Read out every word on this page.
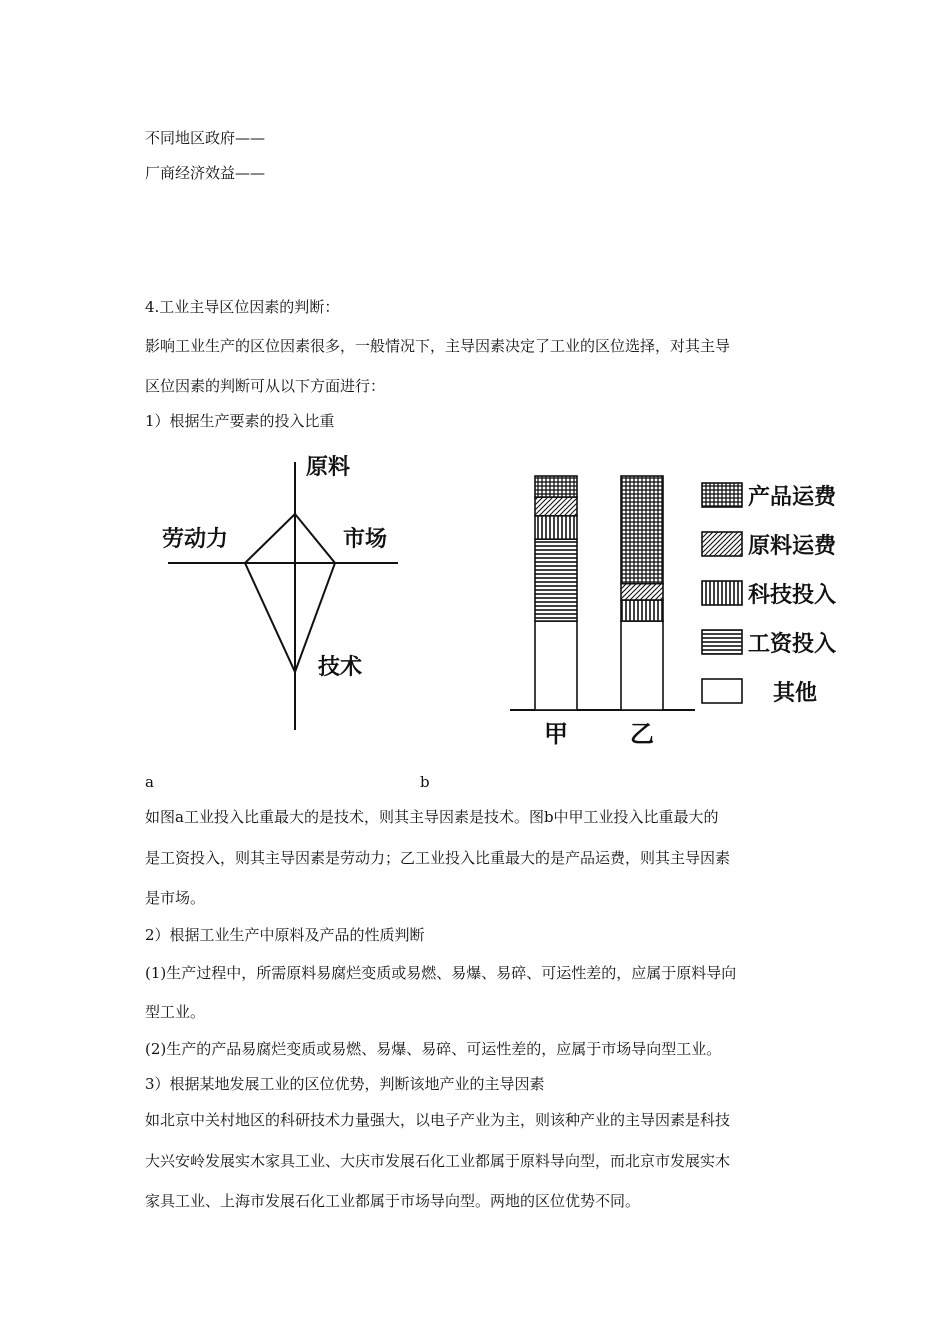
不同地区政府——
厂商经济效益——
4.工业主导区位因素的判断：
影响工业生产的区位因素很多，一般情况下，主导因素决定了工业的区位选择，对其主导
区位因素的判断可从以下方面进行：
1）根据生产要素的投入比重
原料
劳动力	市场
技术
产品运费
原料运费
科技投入
工资投入
其他
甲	乙
a	b
如图a工业投入比重最大的是技术，则其主导因素是技术。图b中甲工业投入比重最大的
是工资投入，则其主导因素是劳动力；乙工业投入比重最大的是产品运费，则其主导因素
是市场。
2）根据工业生产中原料及产品的性质判断
(1)生产过程中，所需原料易腐烂变质或易燃、易爆、易碎、可运性差的，应属于原料导向
型工业。
(2)生产的产品易腐烂变质或易燃、易爆、易碎、可运性差的，应属于市场导向型工业。
3）根据某地发展工业的区位优势，判断该地产业的主导因素
如北京中关村地区的科研技术力量强大，以电子产业为主，则该种产业的主导因素是科技
大兴安岭发展实木家具工业、大庆市发展石化工业都属于原料导向型，而北京市发展实木
家具工业、上海市发展石化工业都属于市场导向型。两地的区位优势不同。
